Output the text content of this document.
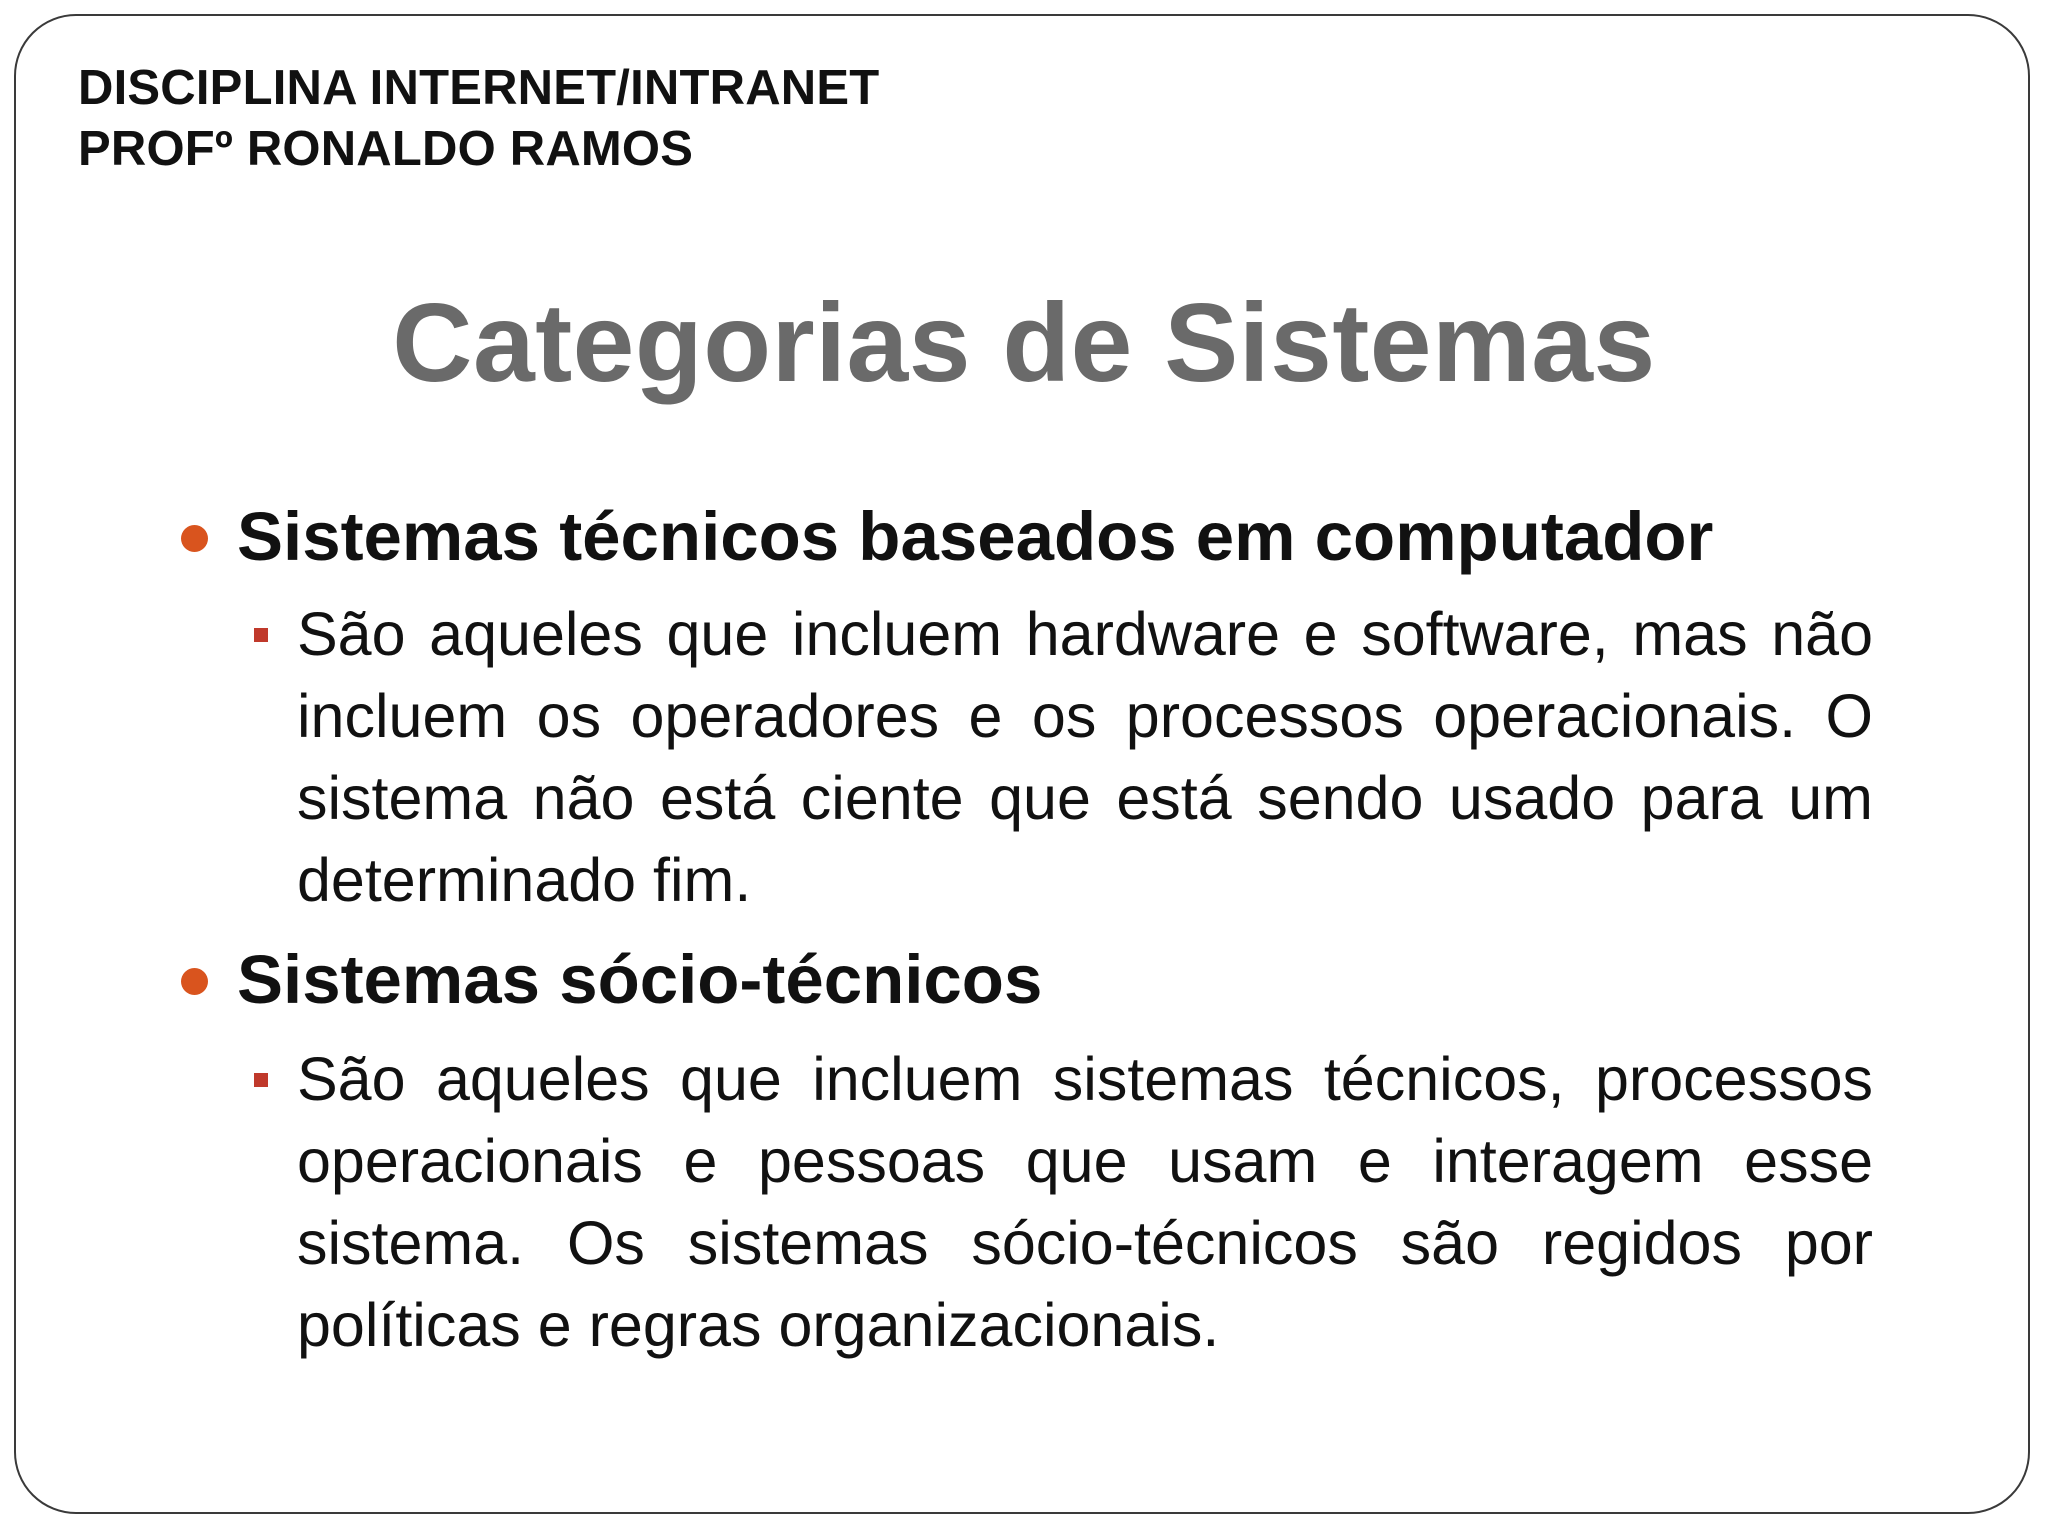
DISCIPLINA INTERNET/INTRANET
PROFº RONALDO RAMOS
Categorias de Sistemas
Sistemas técnicos baseados em computador
São aqueles que incluem hardware e software, mas não incluem os operadores e os processos operacionais. O sistema não está ciente que está sendo usado para um determinado fim.
Sistemas sócio-técnicos
São aqueles que incluem sistemas técnicos, processos operacionais e pessoas que usam e interagem esse sistema. Os sistemas sócio-técnicos são regidos por políticas e regras organizacionais.
